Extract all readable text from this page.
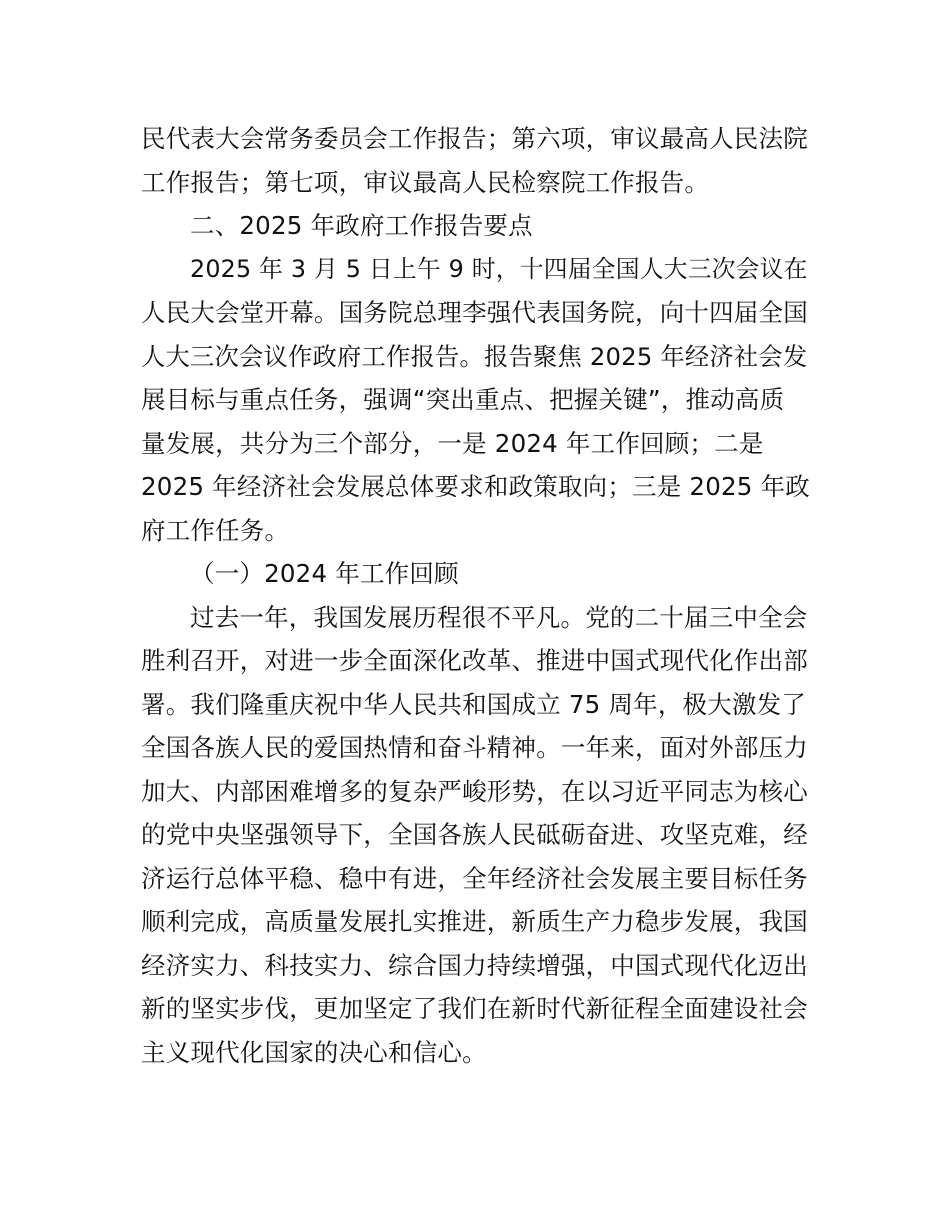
民代表大会常务委员会工作报告；第六项，审议最高人民法院
工作报告；第七项，审议最高人民检察院工作报告。
二、2025 年政府工作报告要点
2025 年 3 月 5 日上午 9 时，十四届全国人大三次会议在
人民大会堂开幕。国务院总理李强代表国务院，向十四届全国
人大三次会议作政府工作报告。报告聚焦 2025 年经济社会发
展目标与重点任务，强调“突出重点、把握关键”，推动高质
量发展，共分为三个部分，一是 2024 年工作回顾；二是
2025 年经济社会发展总体要求和政策取向；三是 2025 年政
府工作任务。
（一）2024 年工作回顾
过去一年，我国发展历程很不平凡。党的二十届三中全会
胜利召开，对进一步全面深化改革、推进中国式现代化作出部
署。我们隆重庆祝中华人民共和国成立 75 周年，极大激发了
全国各族人民的爱国热情和奋斗精神。一年来，面对外部压力
加大、内部困难增多的复杂严峻形势，在以习近平同志为核心
的党中央坚强领导下，全国各族人民砥砺奋进、攻坚克难，经
济运行总体平稳、稳中有进，全年经济社会发展主要目标任务
顺利完成，高质量发展扎实推进，新质生产力稳步发展，我国
经济实力、科技实力、综合国力持续增强，中国式现代化迈出
新的坚实步伐，更加坚定了我们在新时代新征程全面建设社会
主义现代化国家的决心和信心。
